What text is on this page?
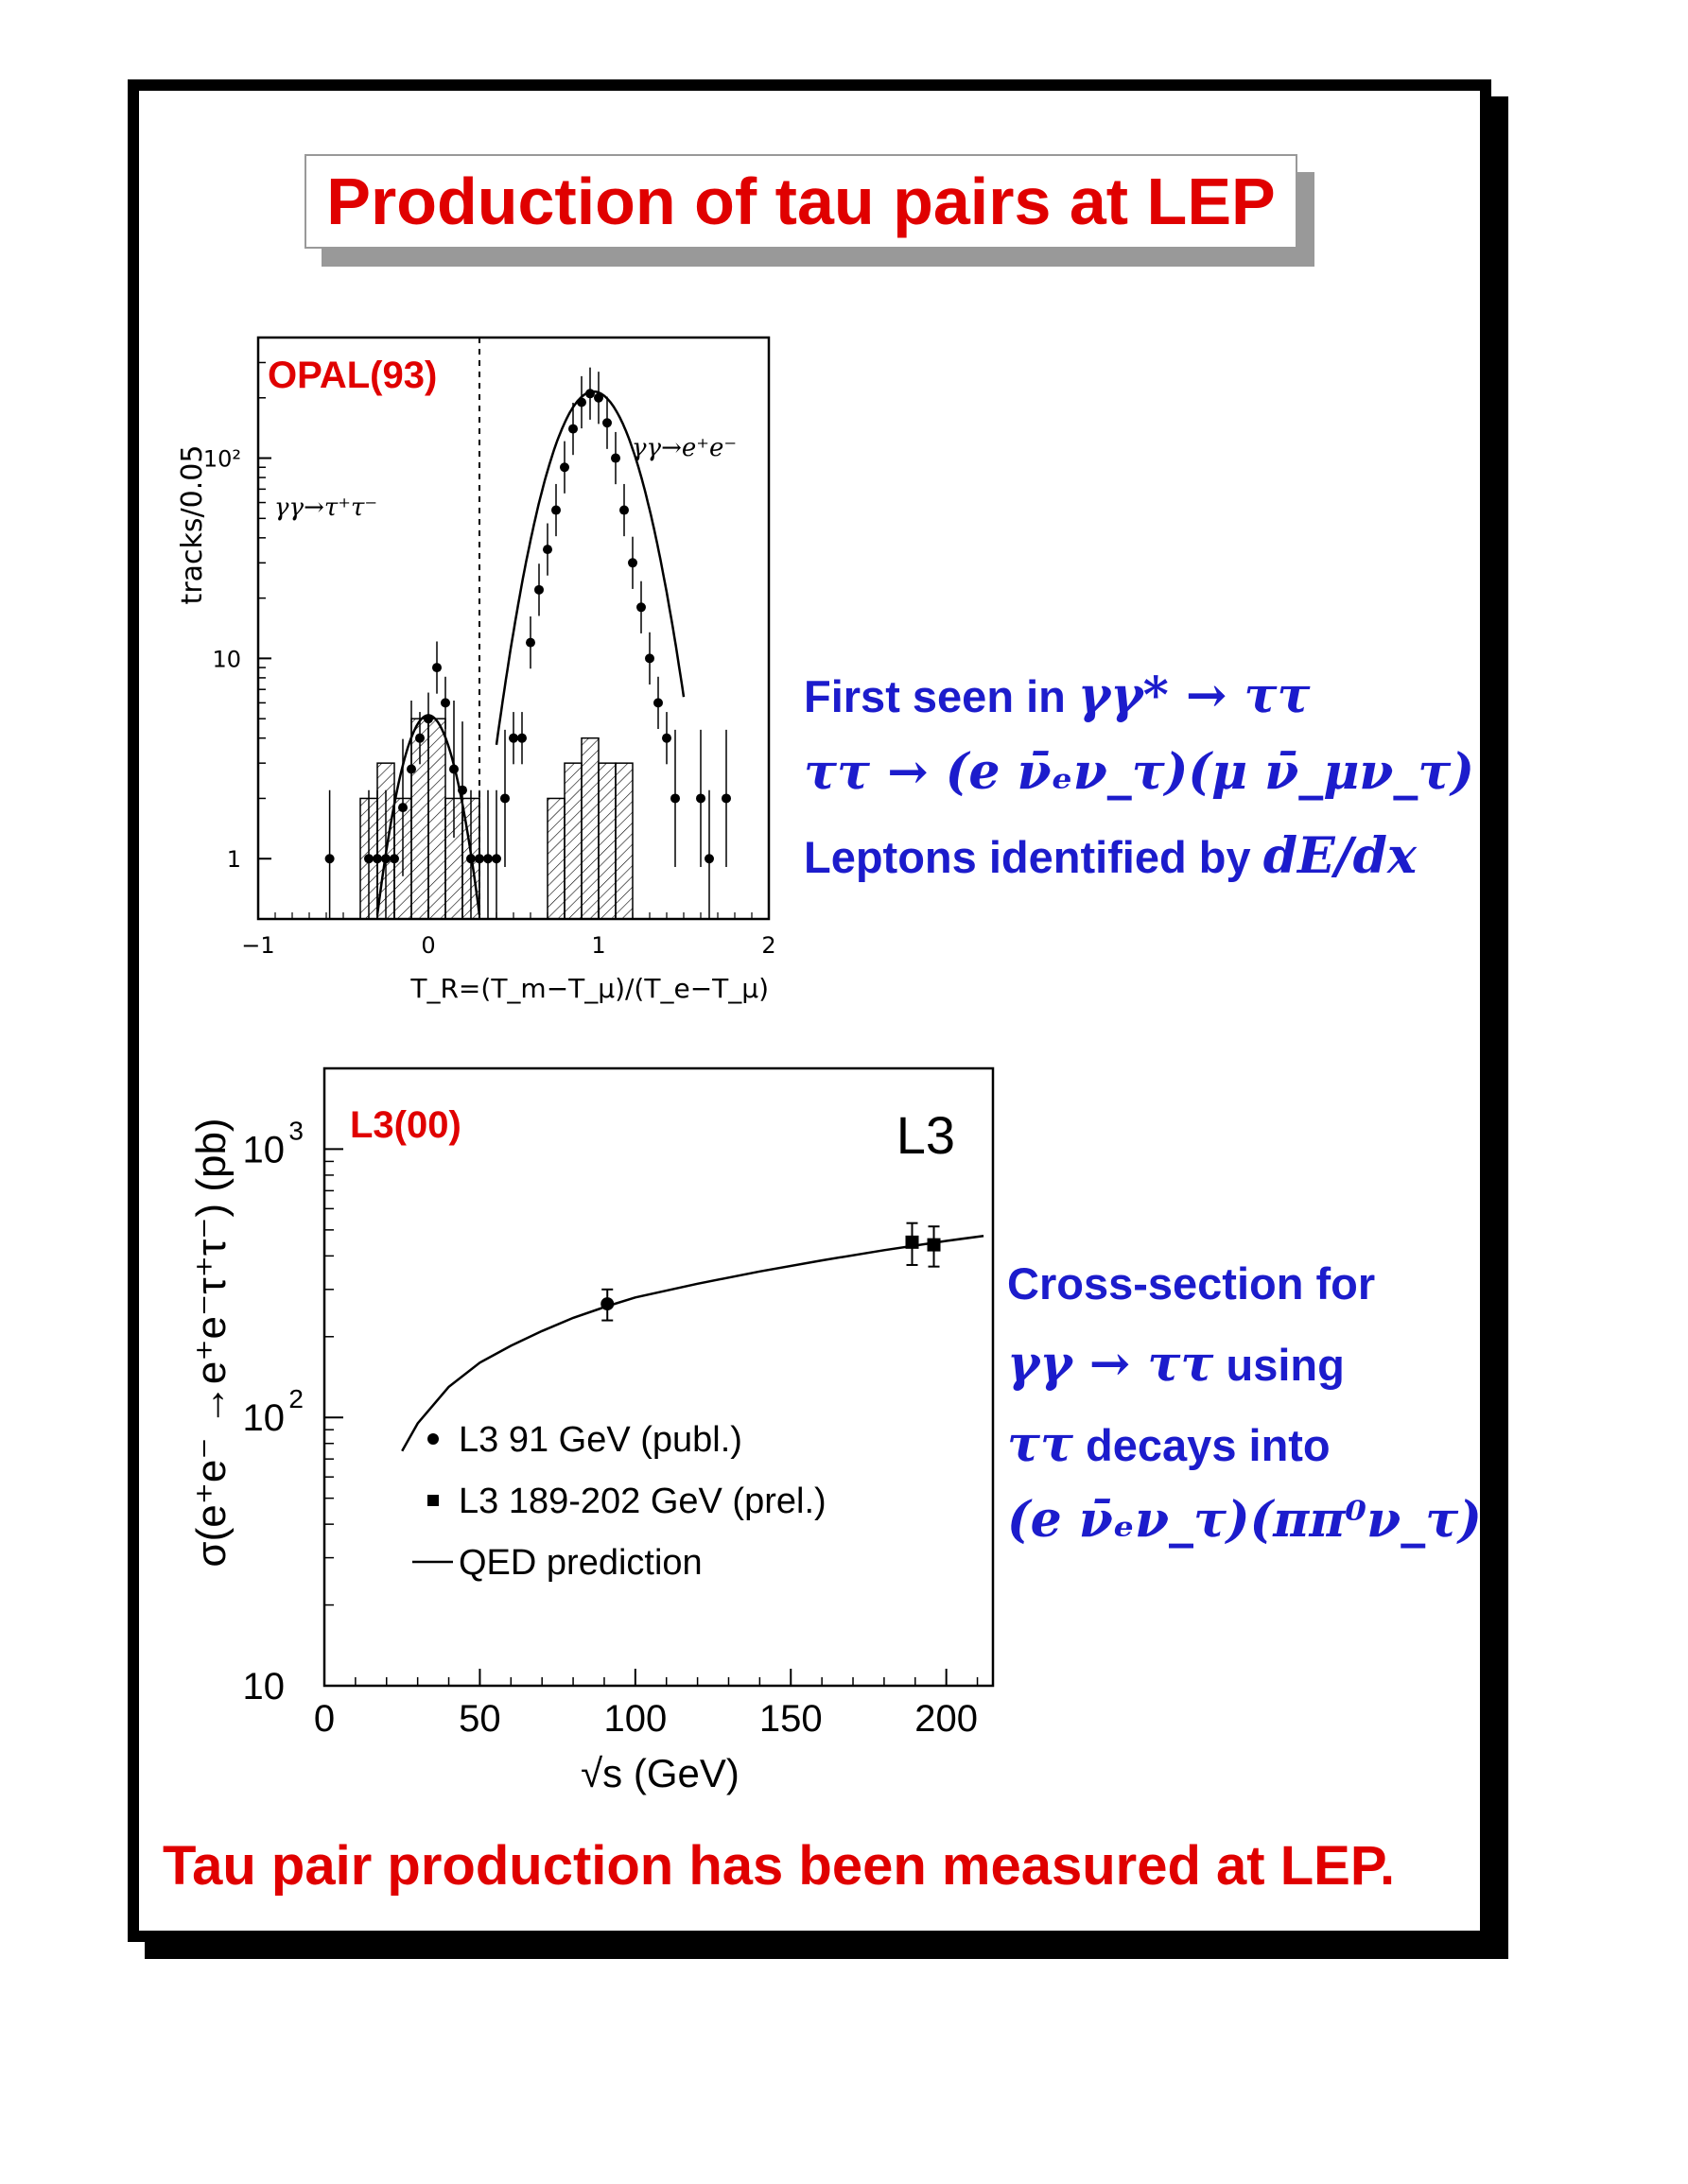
Production of tau pairs at LEP
1
10
10²
−1	0	1	2
OPAL(93)
γγ→τ⁺τ⁻
γγ→e⁺e⁻
tracks/0.05
T_R=(T_m−T_μ)/(T_e−T_μ)
First seen in γγ* → ττ
ττ → (e ν̄ₑν_τ)(μ ν̄_μν_τ)
Leptons identified by dE/dx
10
10 2
10 3
0	50	100 150 200
L3(00)	L3
σ(e⁺e⁻ →e⁺e⁻τ⁺τ⁻) (pb)
√s (GeV)
L3 91 GeV (publ.)
L3 189-202 GeV (prel.)
QED prediction
Cross-section for
γγ → ττ using
ττ decays into
(e ν̄ₑν_τ)(ππ⁰ν_τ)
Tau pair production has been measured at LEP.
